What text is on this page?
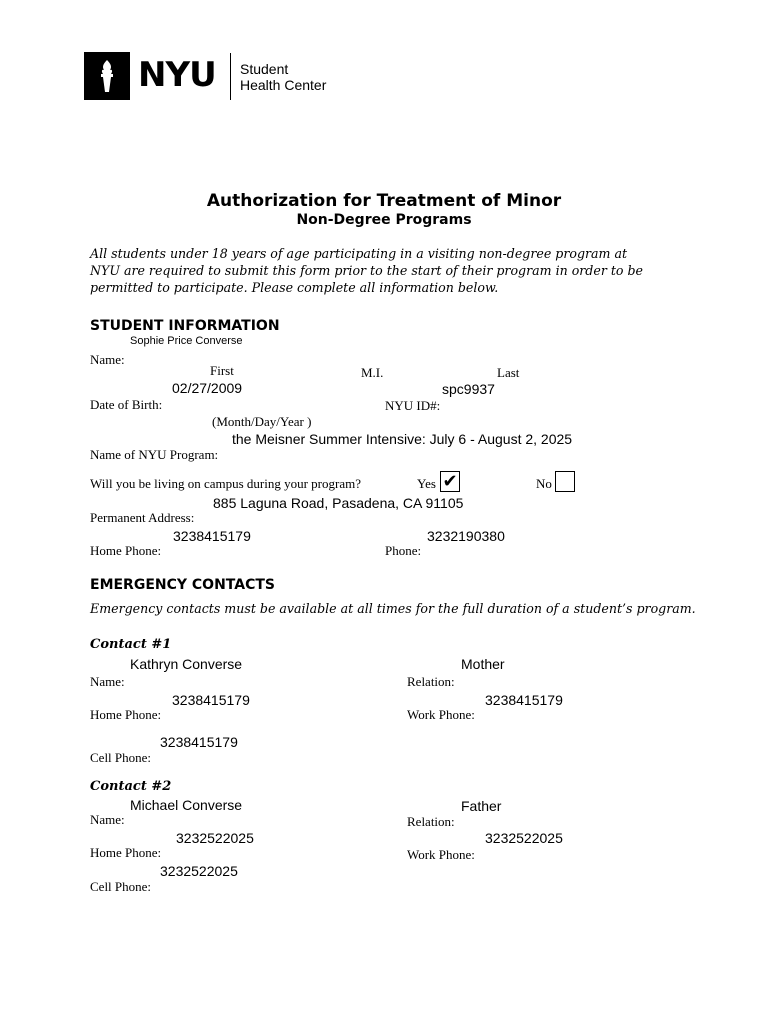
NYU Student
Health Center
Authorization for Treatment of Minor
Non-Degree Programs
All students under 18 years of age participating in a visiting non-degree program at NYU are required to submit this form prior to the start of their program in order to be permitted to participate. Please complete all information below.
STUDENT INFORMATION
Sophie Price Converse
Name:
First	M.I.	Last
02/27/2009	spc9937
Date of Birth:	NYU ID#:
(Month/Day/Year )
the Meisner Summer Intensive: July 6 - August 2, 2025
Name of NYU Program:
Will you be living on campus during your program?	Yes ✔	No
885 Laguna Road, Pasadena, CA 91105
Permanent Address:
3238415179	3232190380
Home Phone:	Phone:
EMERGENCY CONTACTS
Emergency contacts must be available at all times for the full duration of a student’s program.
Contact #1
Kathryn Converse	Mother
Name:	Relation:
3238415179	3238415179
Home Phone:	Work Phone:
3238415179
Cell Phone:
Contact #2
Michael Converse	Father
Name:	Relation:
3232522025	3232522025
Home Phone:	Work Phone:
3232522025
Cell Phone:
